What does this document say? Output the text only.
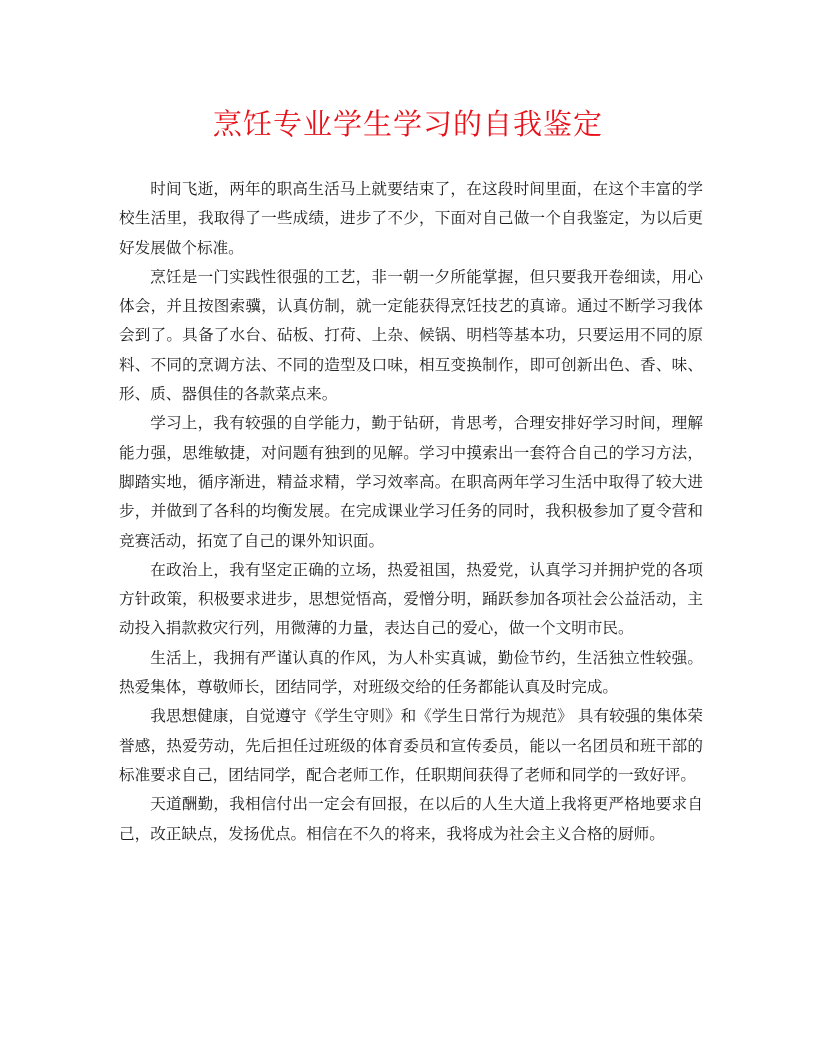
烹饪专业学生学习的自我鉴定

时间飞逝，两年的职高生活马上就要结束了，在这段时间里面，在这个丰富的学校生活里，我取得了一些成绩，进步了不少，下面对自己做一个自我鉴定，为以后更好发展做个标准。

烹饪是一门实践性很强的工艺，非一朝一夕所能掌握，但只要我开卷细读，用心体会，并且按图索骥，认真仿制，就一定能获得烹饪技艺的真谛。通过不断学习我体会到了。具备了水台、砧板、打荷、上杂、候锅、明档等基本功，只要运用不同的原料、不同的烹调方法、不同的造型及口味，相互变换制作，即可创新出色、香、味、形、质、器俱佳的各款菜点来。

学习上，我有较强的自学能力，勤于钻研，肯思考，合理安排好学习时间，理解能力强，思维敏捷，对问题有独到的见解。学习中摸索出一套符合自己的学习方法，脚踏实地，循序渐进，精益求精，学习效率高。在职高两年学习生活中取得了较大进步，并做到了各科的均衡发展。在完成课业学习任务的同时，我积极参加了夏令营和竞赛活动，拓宽了自己的课外知识面。

在政治上，我有坚定正确的立场，热爱祖国，热爱党，认真学习并拥护党的各项方针政策，积极要求进步，思想觉悟高，爱憎分明，踊跃参加各项社会公益活动，主动投入捐款救灾行列，用微薄的力量，表达自己的爱心，做一个文明市民。

生活上，我拥有严谨认真的作风，为人朴实真诚，勤俭节约，生活独立性较强。热爱集体，尊敬师长，团结同学，对班级交给的任务都能认真及时完成。

我思想健康，自觉遵守《学生守则》和《学生日常行为规范》 具有较强的集体荣誉感，热爱劳动，先后担任过班级的体育委员和宣传委员，能以一名团员和班干部的标准要求自己，团结同学，配合老师工作，任职期间获得了老师和同学的一致好评。

天道酬勤，我相信付出一定会有回报，在以后的人生大道上我将更严格地要求自己，改正缺点，发扬优点。相信在不久的将来，我将成为社会主义合格的厨师。
